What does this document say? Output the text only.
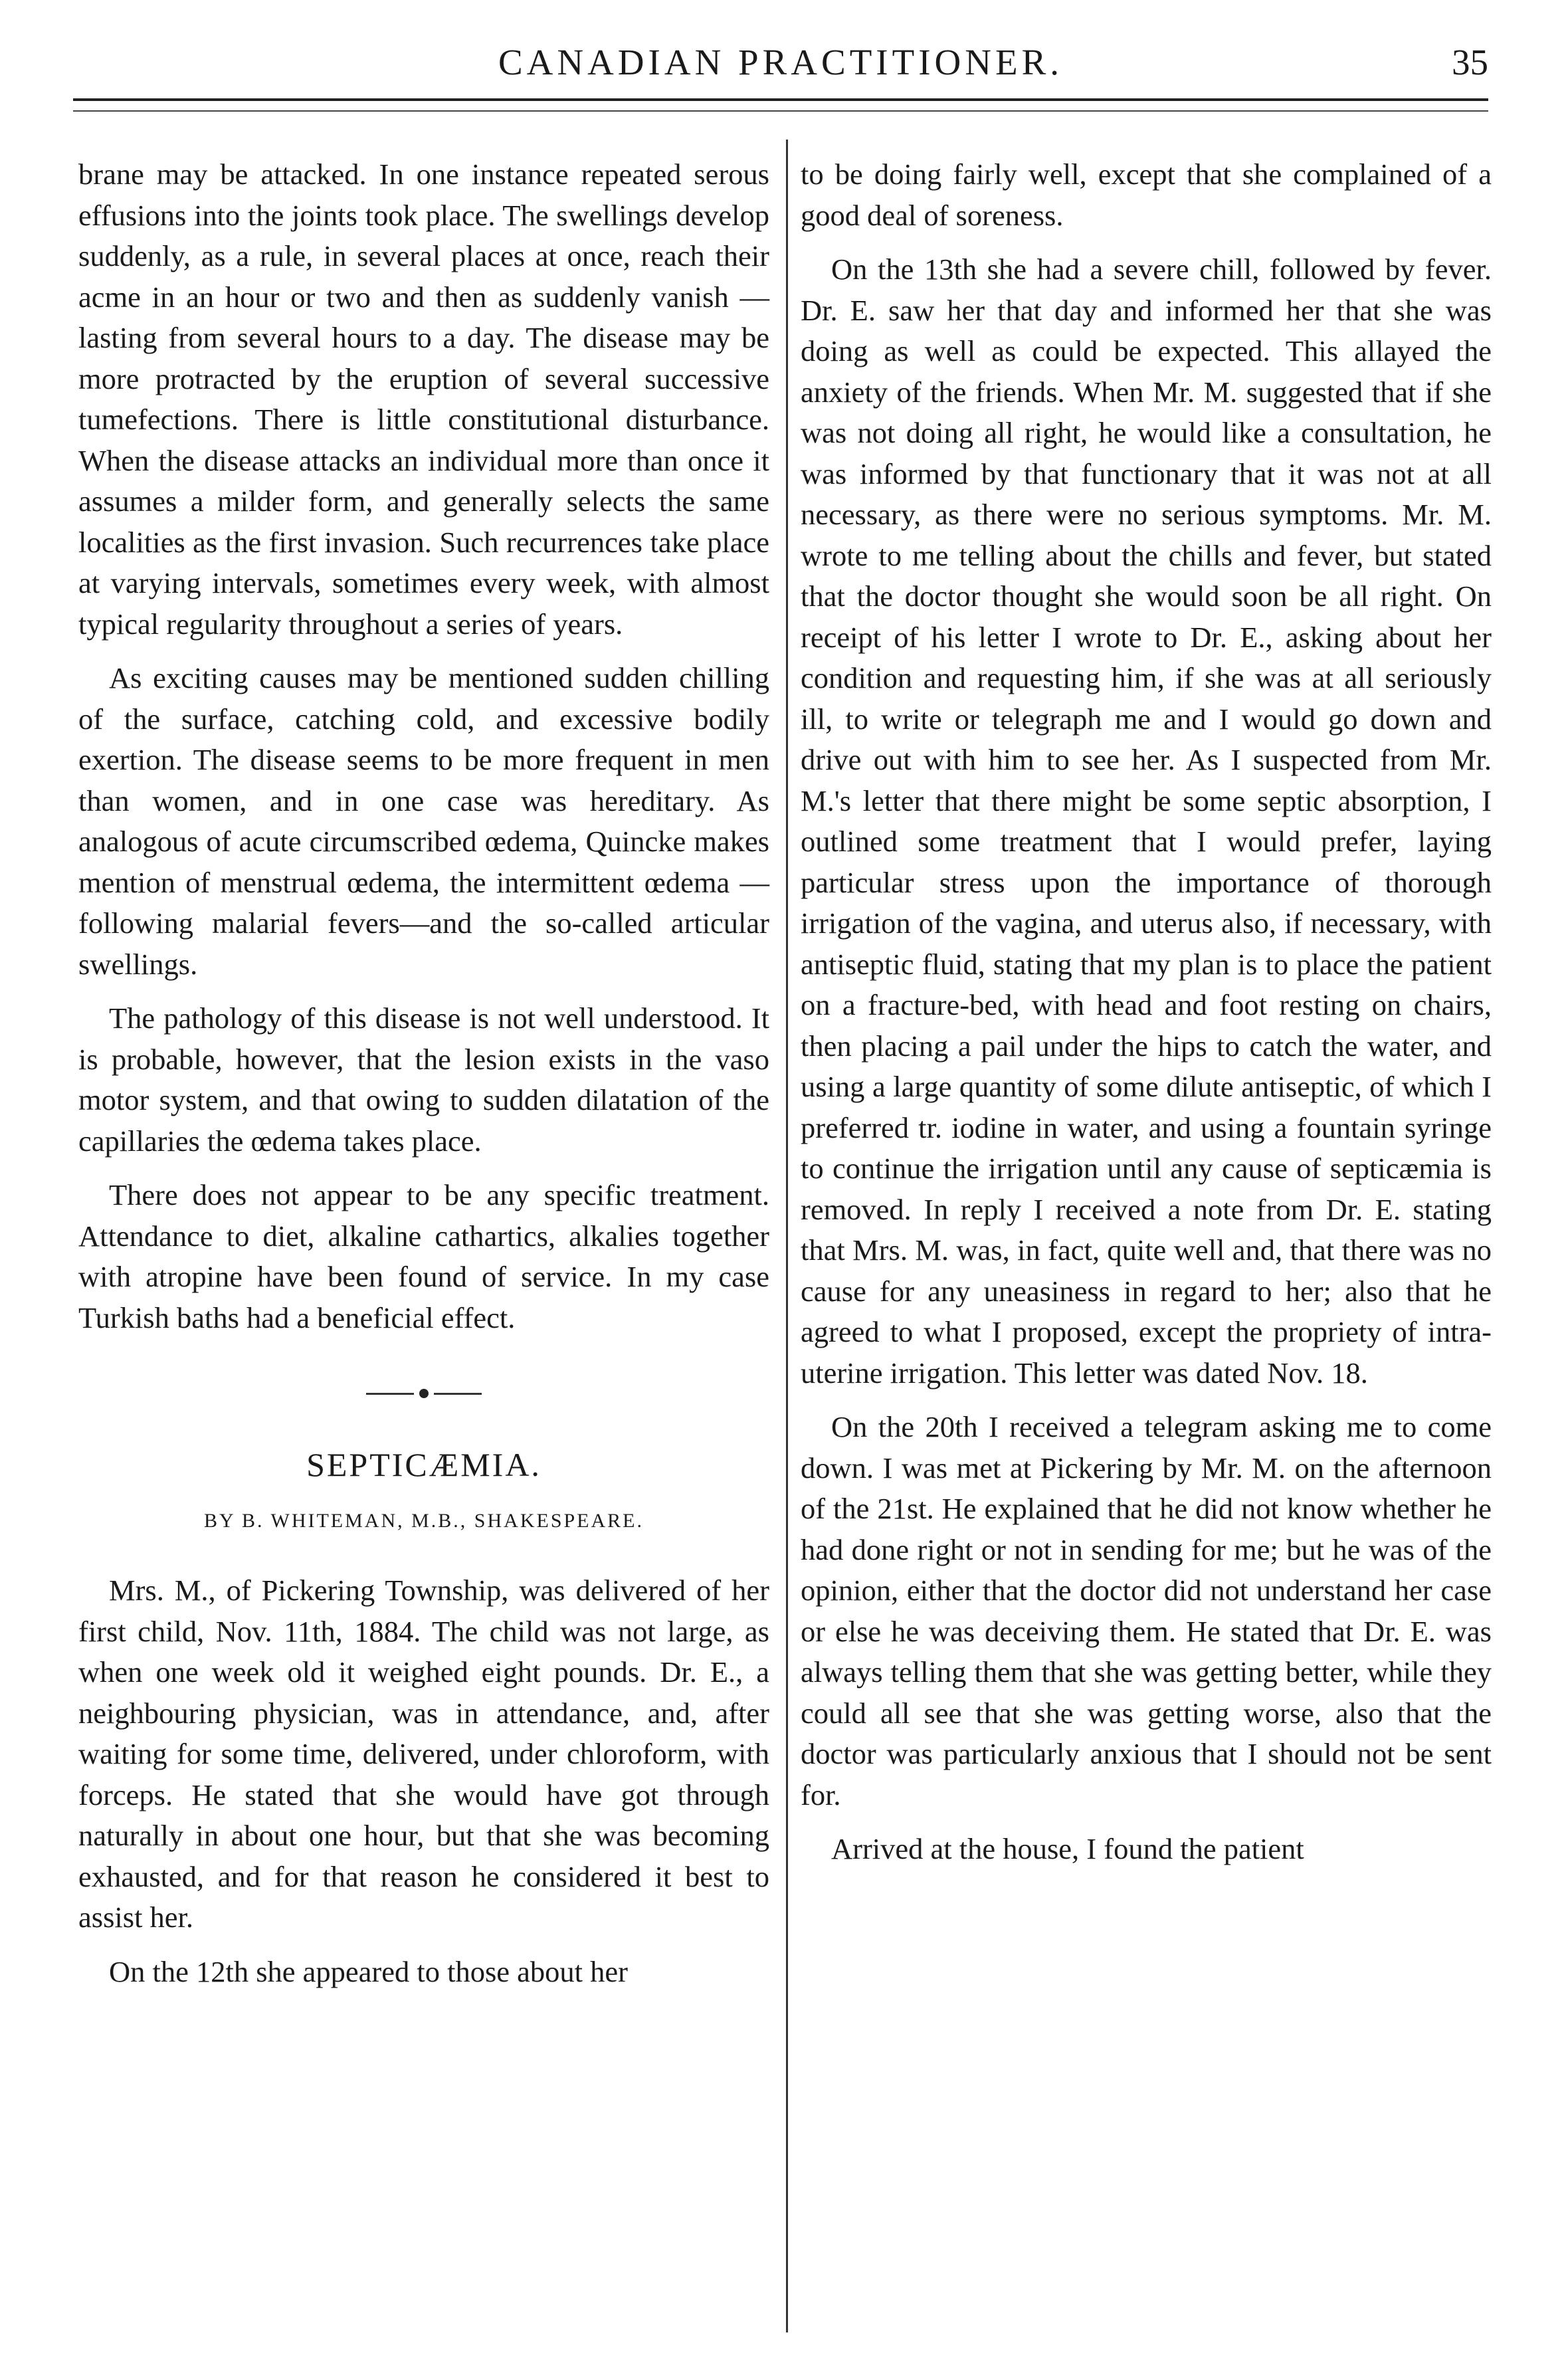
CANADIAN PRACTITIONER.	35

brane may be attacked. In one instance repeated serous effusions into the joints took place. The swellings develop suddenly, as a rule, in several places at once, reach their acme in an hour or two and then as suddenly vanish —lasting from several hours to a day. The disease may be more protracted by the eruption of several successive tumefections. There is little constitutional disturbance. When the disease attacks an individual more than once it assumes a milder form, and generally selects the same localities as the first invasion. Such recurrences take place at varying intervals, sometimes every week, with almost typical regularity throughout a series of years.

As exciting causes may be mentioned sudden chilling of the surface, catching cold, and excessive bodily exertion. The disease seems to be more frequent in men than women, and in one case was hereditary. As analogous of acute circumscribed œdema, Quincke makes mention of menstrual œdema, the intermittent œdema —following malarial fevers—and the so-called articular swellings.

The pathology of this disease is not well understood. It is probable, however, that the lesion exists in the vaso motor system, and that owing to sudden dilatation of the capillaries the œdema takes place.

There does not appear to be any specific treatment. Attendance to diet, alkaline cathartics, alkalies together with atropine have been found of service. In my case Turkish baths had a beneficial effect.

SEPTICÆMIA.
BY B. WHITEMAN, M.B., SHAKESPEARE.

Mrs. M., of Pickering Township, was delivered of her first child, Nov. 11th, 1884. The child was not large, as when one week old it weighed eight pounds. Dr. E., a neighbouring physician, was in attendance, and, after waiting for some time, delivered, under chloroform, with forceps. He stated that she would have got through naturally in about one hour, but that she was becoming exhausted, and for that reason he considered it best to assist her.

On the 12th she appeared to those about her

to be doing fairly well, except that she complained of a good deal of soreness.

On the 13th she had a severe chill, followed by fever. Dr. E. saw her that day and informed her that she was doing as well as could be expected. This allayed the anxiety of the friends. When Mr. M. suggested that if she was not doing all right, he would like a consultation, he was informed by that functionary that it was not at all necessary, as there were no serious symptoms. Mr. M. wrote to me telling about the chills and fever, but stated that the doctor thought she would soon be all right. On receipt of his letter I wrote to Dr. E., asking about her condition and requesting him, if she was at all seriously ill, to write or telegraph me and I would go down and drive out with him to see her. As I suspected from Mr. M.'s letter that there might be some septic absorption, I outlined some treatment that I would prefer, laying particular stress upon the importance of thorough irrigation of the vagina, and uterus also, if necessary, with antiseptic fluid, stating that my plan is to place the patient on a fracture-bed, with head and foot resting on chairs, then placing a pail under the hips to catch the water, and using a large quantity of some dilute antiseptic, of which I preferred tr. iodine in water, and using a fountain syringe to continue the irrigation until any cause of septicæmia is removed. In reply I received a note from Dr. E. stating that Mrs. M. was, in fact, quite well and, that there was no cause for any uneasiness in regard to her; also that he agreed to what I proposed, except the propriety of intra-uterine irrigation. This letter was dated Nov. 18.

On the 20th I received a telegram asking me to come down. I was met at Pickering by Mr. M. on the afternoon of the 21st. He explained that he did not know whether he had done right or not in sending for me; but he was of the opinion, either that the doctor did not understand her case or else he was deceiving them. He stated that Dr. E. was always telling them that she was getting better, while they could all see that she was getting worse, also that the doctor was particularly anxious that I should not be sent for.

Arrived at the house, I found the patient
